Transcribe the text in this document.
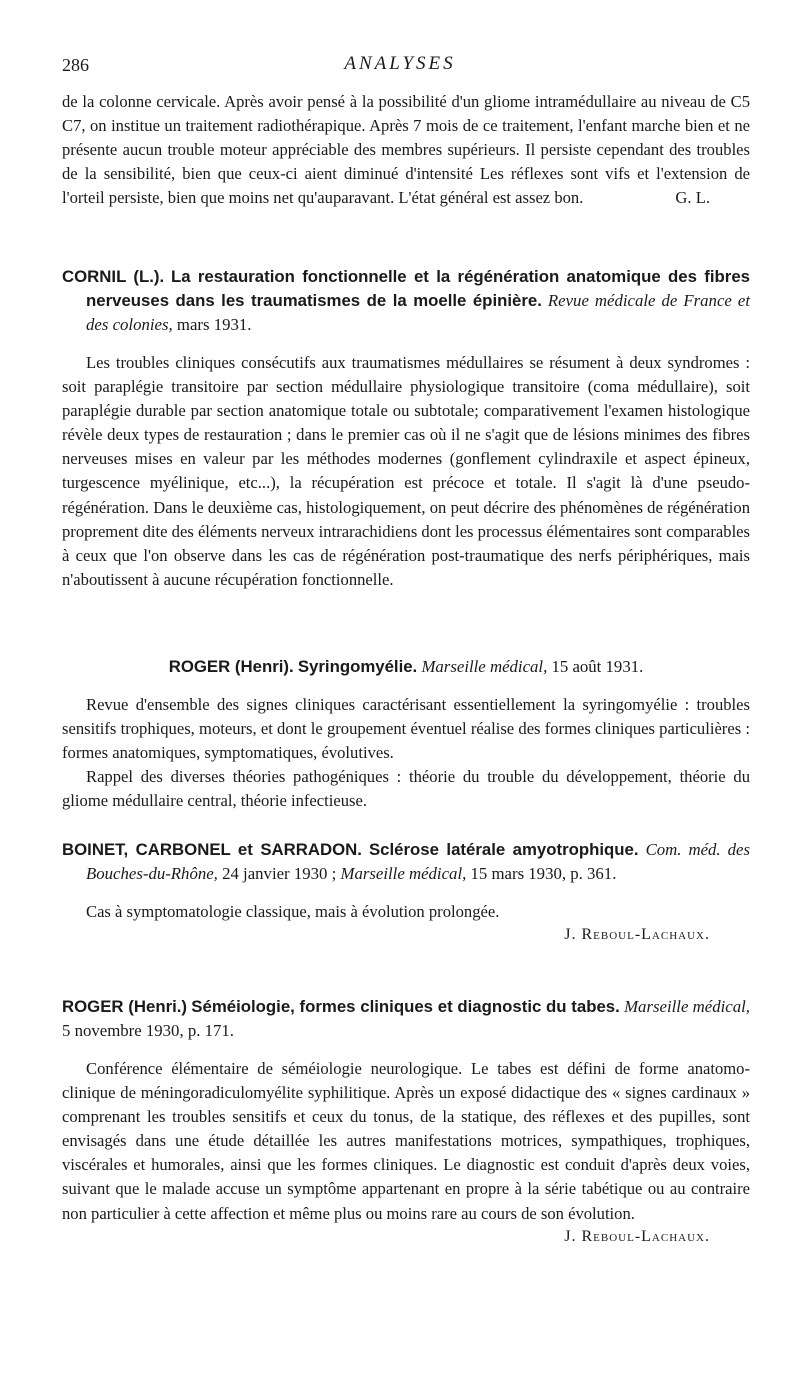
286	ANALYSES

de la colonne cervicale. Après avoir pensé à la possibilité d'un gliome intramédullaire au niveau de C5 C7, on institue un traitement radiothérapique. Après 7 mois de ce traitement, l'enfant marche bien et ne présente aucun trouble moteur appréciable des membres supérieurs. Il persiste cependant des troubles de la sensibilité, bien que ceux-ci aient diminué d'intensité Les réflexes sont vifs et l'extension de l'orteil persiste, bien que moins net qu'auparavant. L'état général est assez bon.	G. L.

CORNIL (L.). La restauration fonctionnelle et la régénération anatomique des fibres nerveuses dans les traumatismes de la moelle épinière. Revue médicale de France et des colonies, mars 1931.

Les troubles cliniques consécutifs aux traumatismes médullaires se résument à deux syndromes : soit paraplégie transitoire par section médullaire physiologique transitoire (coma médullaire), soit paraplégie durable par section anatomique totale ou subtotale; comparativement l'examen histologique révèle deux types de restauration ; dans le premier cas où il ne s'agit que de lésions minimes des fibres nerveuses mises en valeur par les méthodes modernes (gonflement cylindraxile et aspect épineux, turgescence myélinique, etc...), la récupération est précoce et totale. Il s'agit là d'une pseudo-régénération. Dans le deuxième cas, histologiquement, on peut décrire des phénomènes de régénération proprement dite des éléments nerveux intrarachidiens dont les processus élémentaires sont comparables à ceux que l'on observe dans les cas de régénération post-traumatique des nerfs périphériques, mais n'aboutissent à aucune récupération fonctionnelle.

ROGER (Henri). Syringomyélie. Marseille médical, 15 août 1931.

Revue d'ensemble des signes cliniques caractérisant essentiellement la syringomyélie : troubles sensitifs trophiques, moteurs, et dont le groupement éventuel réalise des formes cliniques particulières : formes anatomiques, symptomatiques, évolutives.

Rappel des diverses théories pathogéniques : théorie du trouble du développement, théorie du gliome médullaire central, théorie infectieuse.

BOINET, CARBONEL et SARRADON. Sclérose latérale amyotrophique. Com. méd. des Bouches-du-Rhône, 24 janvier 1930 ; Marseille médical, 15 mars 1930, p. 361.

Cas à symptomatologie classique, mais à évolution prolongée.

J. Reboul-Lachaux.
ROGER (Henri.) Séméiologie, formes cliniques et diagnostic du tabes. Marseille médical, 5 novembre 1930, p. 171.

Conférence élémentaire de séméiologie neurologique. Le tabes est défini de forme anatomo-clinique de méningoradiculomyélite syphilitique. Après un exposé didactique des « signes cardinaux » comprenant les troubles sensitifs et ceux du tonus, de la statique, des réflexes et des pupilles, sont envisagés dans une étude détaillée les autres manifestations motrices, sympathiques, trophiques, viscérales et humorales, ainsi que les formes cliniques. Le diagnostic est conduit d'après deux voies, suivant que le malade accuse un symptôme appartenant en propre à la série tabétique ou au contraire non particulier à cette affection et même plus ou moins rare au cours de son évolution.

J. Reboul-Lachaux.
